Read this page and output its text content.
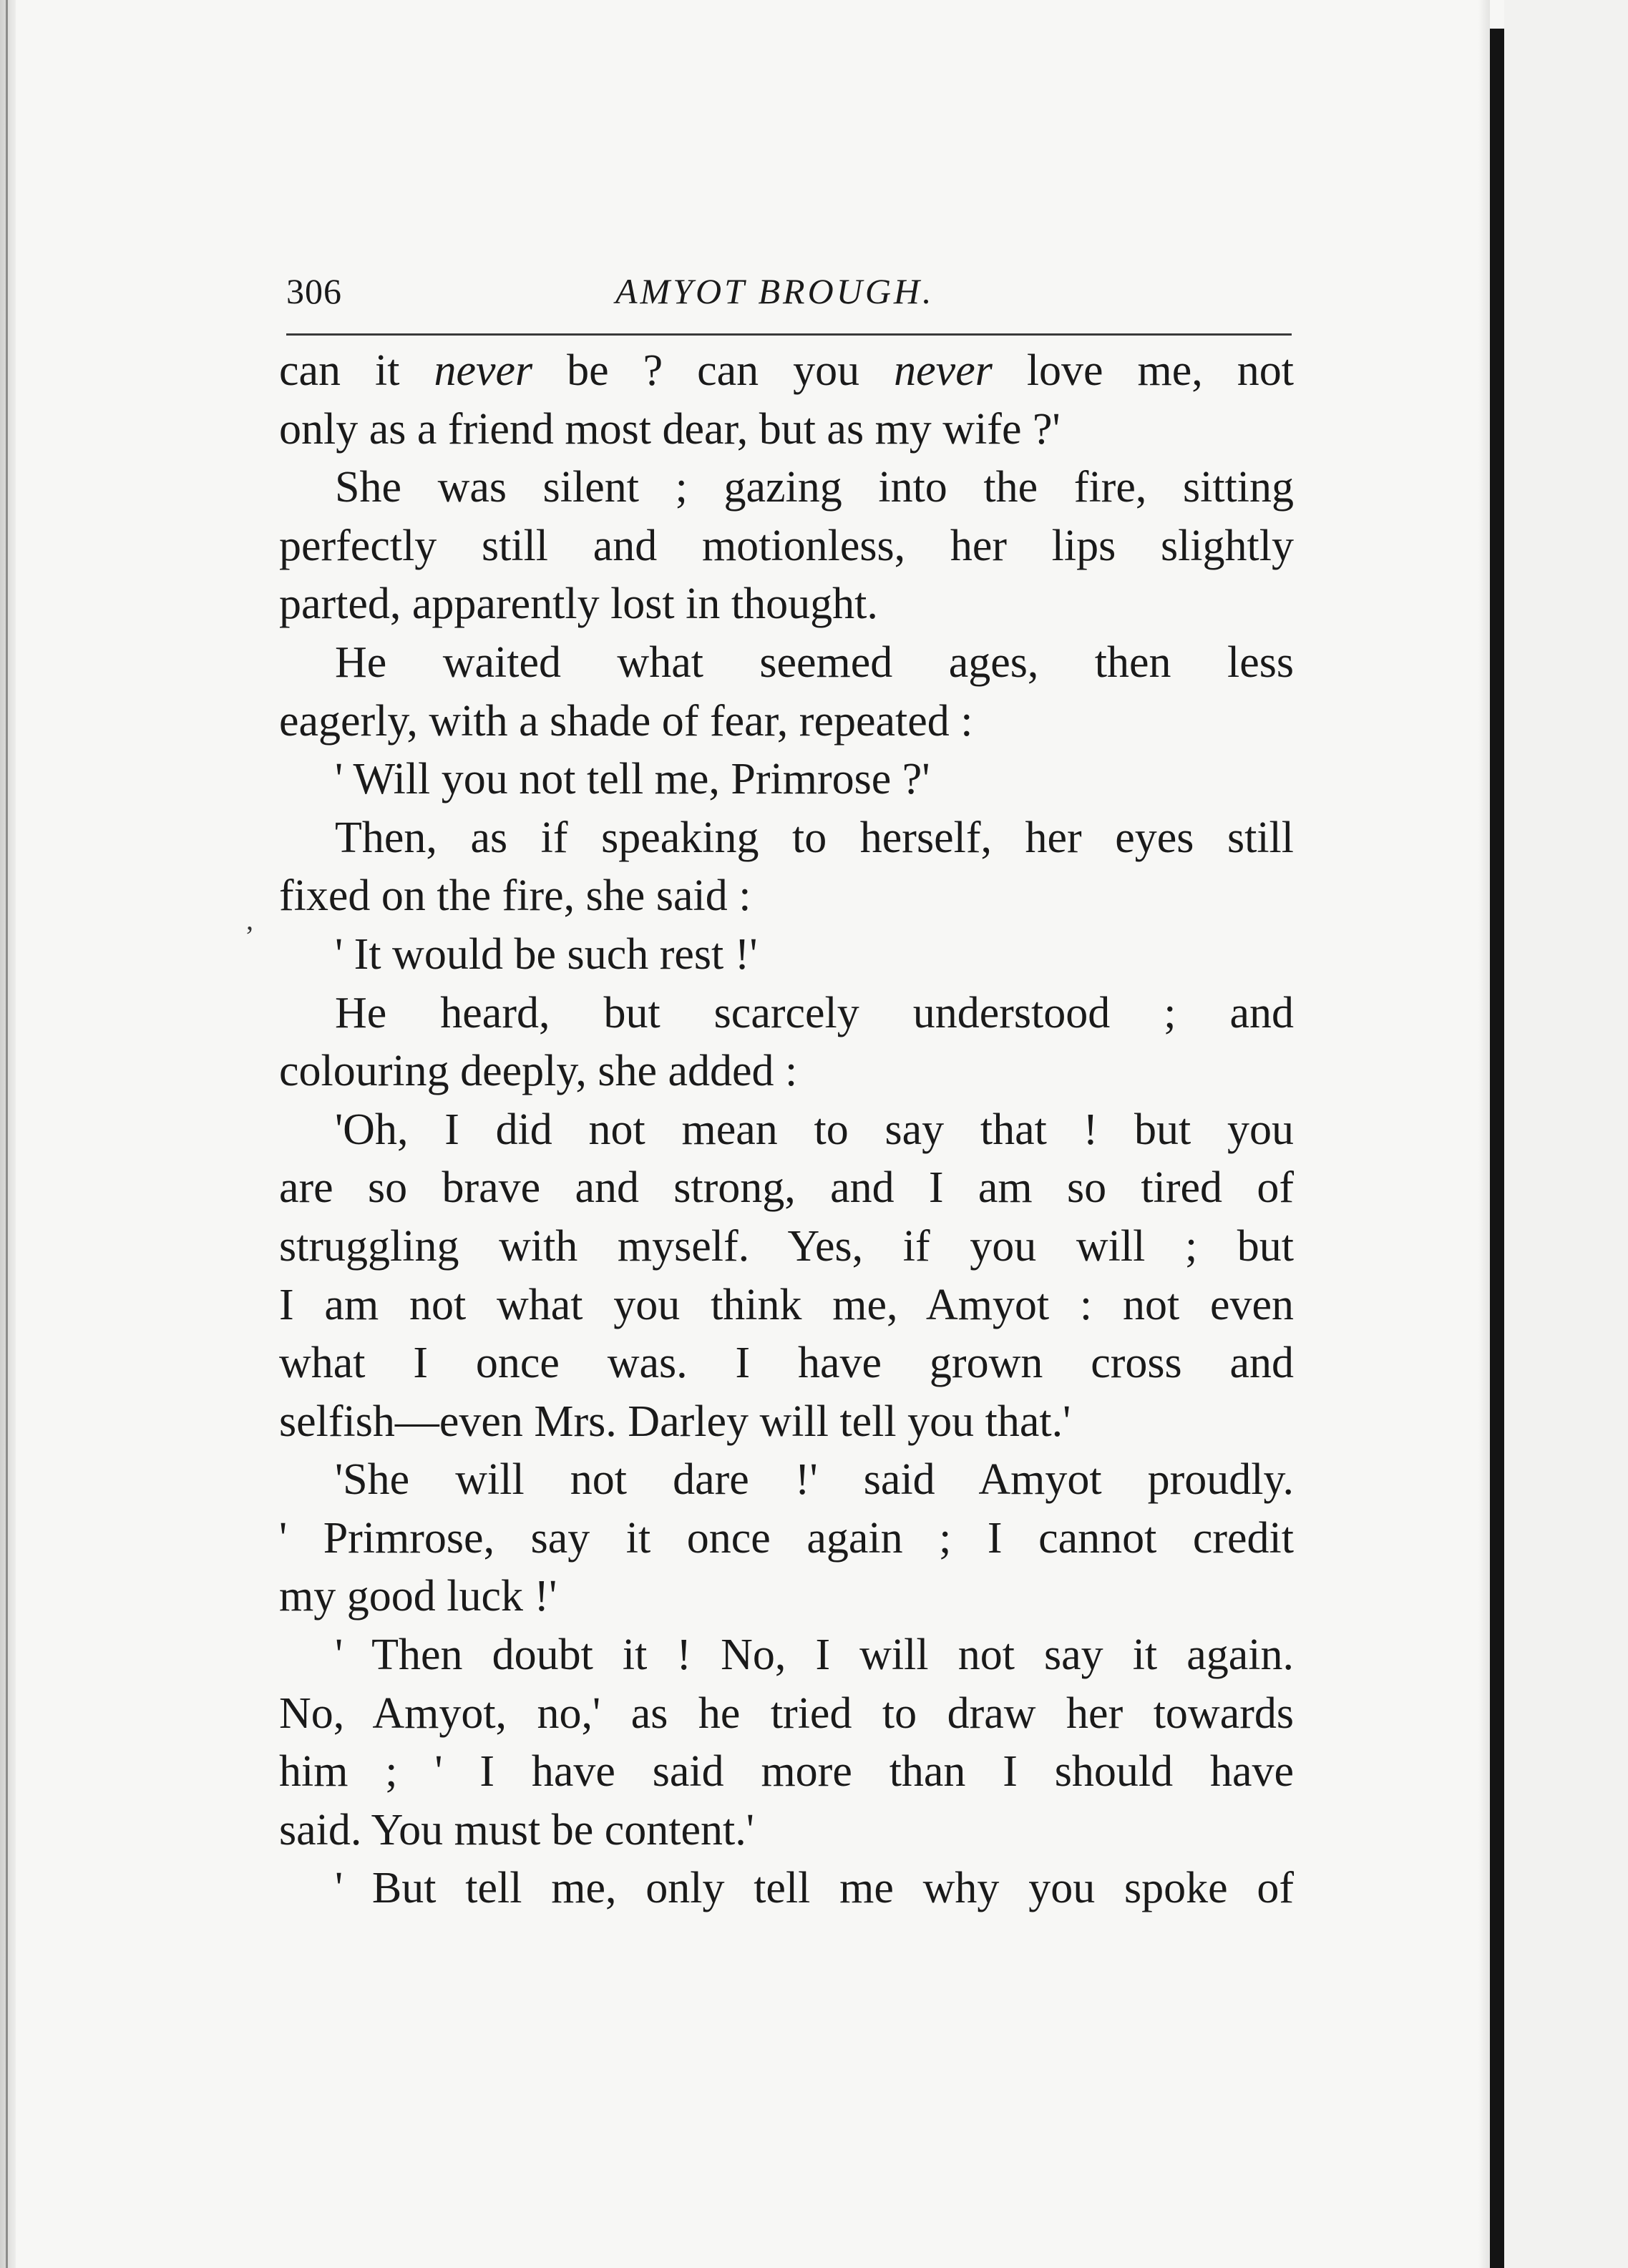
306	AMYOT BROUGH.
,
can it never be ? can you never love me, not
only as a friend most dear, but as my wife ?'
She was silent ; gazing into the fire, sitting
perfectly still and motionless, her lips slightly
parted, apparently lost in thought.
He waited what seemed ages, then less
eagerly, with a shade of fear, repeated :
' Will you not tell me, Primrose ?'
Then, as if speaking to herself, her eyes still
fixed on the fire, she said :
' It would be such rest !'
He heard, but scarcely understood ; and
colouring deeply, she added :
'Oh, I did not mean to say that ! but you
are so brave and strong, and I am so tired of
struggling with myself. Yes, if you will ; but
I am not what you think me, Amyot : not even
what I once was. I have grown cross and
selfish—even Mrs. Darley will tell you that.'
'She will not dare !' said Amyot proudly.
' Primrose, say it once again ; I cannot credit
my good luck !'
' Then doubt it ! No, I will not say it again.
No, Amyot, no,' as he tried to draw her towards
him ; ' I have said more than I should have
said. You must be content.'
' But tell me, only tell me why you spoke of
